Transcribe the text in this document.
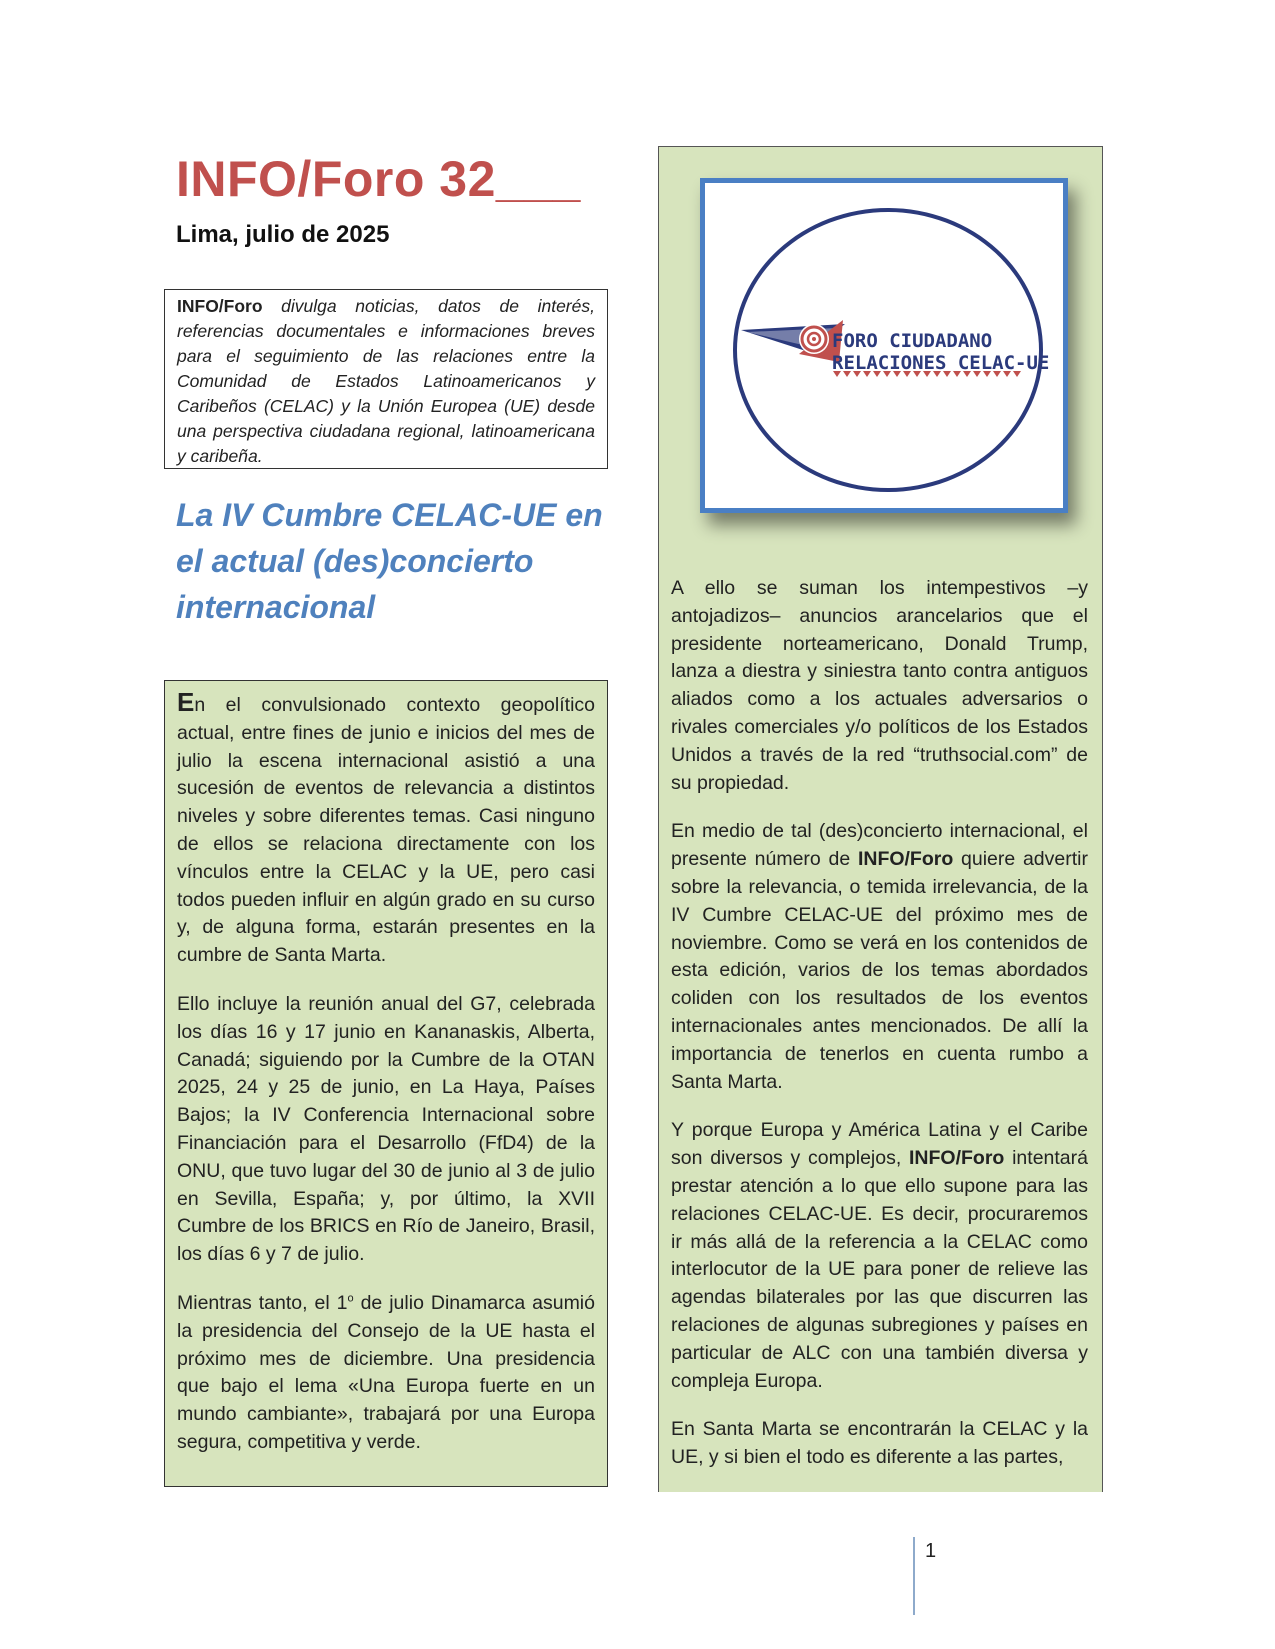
INFO/Foro 32___
Lima, julio de 2025
INFO/Foro divulga noticias, datos de interés, referencias documentales e informaciones breves para el seguimiento de las relaciones entre la Comunidad de Estados Latinoamericanos y Caribeños (CELAC) y la Unión Europea (UE) desde una perspectiva ciudadana regional, latinoamericana y caribeña.
La IV Cumbre CELAC-UE en el actual (des)concierto internacional

En el convulsionado contexto geopolítico actual, entre fines de junio e inicios del mes de julio la escena internacional asistió a una sucesión de eventos de relevancia a distintos niveles y sobre diferentes temas. Casi ninguno de ellos se relaciona directamente con los vínculos entre la CELAC y la UE, pero casi todos pueden influir en algún grado en su curso y, de alguna forma, estarán presentes en la cumbre de Santa Marta.

Ello incluye la reunión anual del G7, celebrada los días 16 y 17 junio en Kananaskis, Alberta, Canadá; siguiendo por la Cumbre de la OTAN 2025, 24 y 25 de junio, en La Haya, Países Bajos; la IV Conferencia Internacional sobre Financiación para el Desarrollo (FfD4) de la ONU, que tuvo lugar del 30 de junio al 3 de julio en Sevilla, España; y, por último, la XVII Cumbre de los BRICS en Río de Janeiro, Brasil, los días 6 y 7 de julio.

Mientras tanto, el 1$^o$ de julio Dinamarca asumió la presidencia del Consejo de la UE hasta el próximo mes de diciembre. Una presidencia que bajo el lema «Una Europa fuerte en un mundo cambiante», trabajará por una Europa segura, competitiva y verde.

FORO CIUDADANO
RELACIONES CELAC-UE

A ello se suman los intempestivos –y antojadizos– anuncios arancelarios que el presidente norteamericano, Donald Trump, lanza a diestra y siniestra tanto contra antiguos aliados como a los actuales adversarios o rivales comerciales y/o políticos de los Estados Unidos a través de la red “truthsocial.com” de su propiedad.

En medio de tal (des)concierto internacional, el presente número de INFO/Foro quiere advertir sobre la relevancia, o temida irrelevancia, de la IV Cumbre CELAC-UE del próximo mes de noviembre. Como se verá en los contenidos de esta edición, varios de los temas abordados coliden con los resultados de los eventos internacionales antes mencionados. De allí la importancia de tenerlos en cuenta rumbo a Santa Marta.

Y porque Europa y América Latina y el Caribe son diversos y complejos, INFO/Foro intentará prestar atención a lo que ello supone para las relaciones CELAC-UE. Es decir, procuraremos ir más allá de la referencia a la CELAC como interlocutor de la UE para poner de relieve las agendas bilaterales por las que discurren las relaciones de algunas subregiones y países en particular de ALC con una también diversa y compleja Europa.

En Santa Marta se encontrarán la CELAC y la UE, y si bien el todo es diferente a las partes,

1
